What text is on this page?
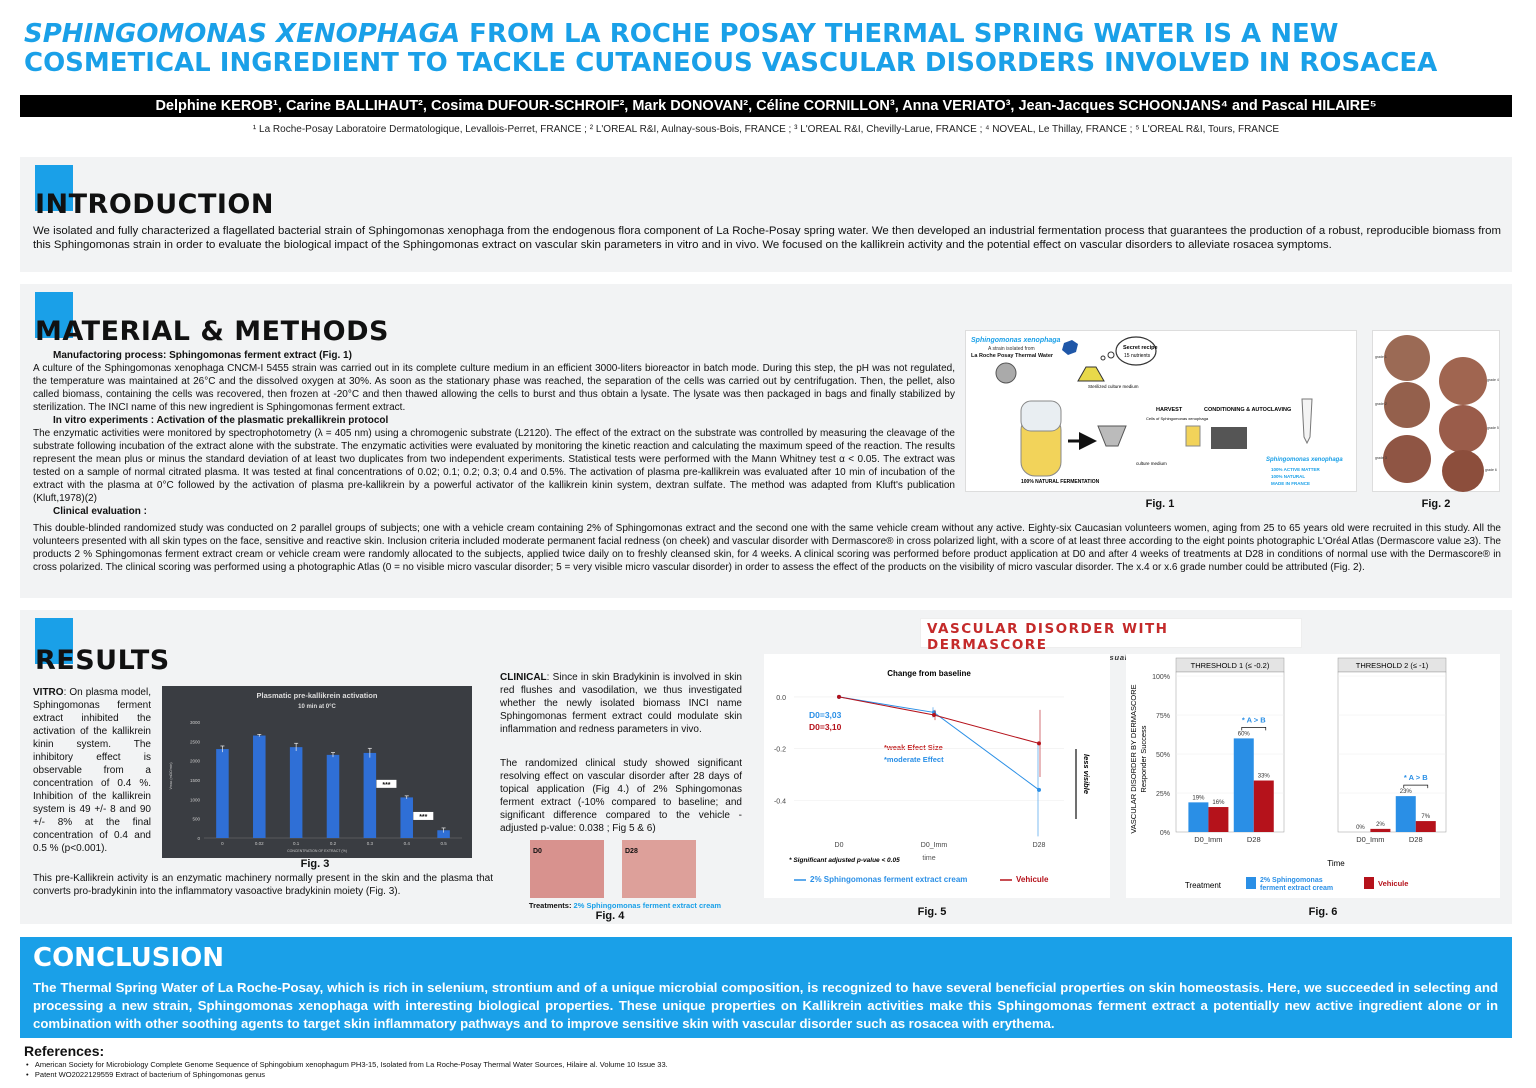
SPHINGOMONAS XENOPHAGA FROM LA ROCHE POSAY THERMAL SPRING WATER IS A NEW COSMETICAL INGREDIENT TO TACKLE CUTANEOUS VASCULAR DISORDERS INVOLVED IN ROSACEA
Delphine KEROB¹, Carine BALLIHAUT², Cosima DUFOUR-SCHROIF², Mark DONOVAN², Céline CORNILLON³, Anna VERIATO³, Jean-Jacques SCHOONJANS⁴ and Pascal HILAIRE⁵
¹ La Roche-Posay Laboratoire Dermatologique, Levallois-Perret, FRANCE ; ² L'OREAL R&I, Aulnay-sous-Bois, FRANCE ; ³ L'OREAL R&I, Chevilly-Larue, FRANCE ; ⁴ NOVEAL, Le Thillay, FRANCE ; ⁵ L'OREAL R&I, Tours, FRANCE
INTRODUCTION
We isolated and fully characterized a flagellated bacterial strain of Sphingomonas xenophaga from the endogenous flora component of La Roche-Posay spring water. We then developed an industrial fermentation process that guarantees the production of a robust, reproducible biomass from this Sphingomonas strain in order to evaluate the biological impact of the Sphingomonas extract on vascular skin parameters in vitro and in vivo. We focused on the kallikrein activity and the potential effect on vascular disorders to alleviate rosacea symptoms.
MATERIAL & METHODS
Manufactoring process: Sphingomonas ferment extract (Fig. 1)
A culture of the Sphingomonas xenophaga CNCM-I 5455 strain was carried out in its complete culture medium in an efficient 3000-liters bioreactor in batch mode. During this step, the pH was not regulated, the temperature was maintained at 26°C and the dissolved oxygen at 30%. As soon as the stationary phase was reached, the separation of the cells was carried out by centrifugation. Then, the pellet, also called biomass, containing the cells was recovered, then frozen at -20°C and then thawed allowing the cells to burst and thus obtain a lysate. The lysate was then packaged in bags and finally stabilized by sterilization. The INCI name of this new ingredient is Sphingomonas ferment extract.
In vitro experiments : Activation of the plasmatic prekallikrein protocol
The enzymatic activities were monitored by spectrophotometry (λ = 405 nm) using a chromogenic substrate (L2120). The effect of the extract on the substrate was controlled by measuring the cleavage of the substrate following incubation of the extract alone with the substrate. The enzymatic activities were evaluated by monitoring the kinetic reaction and calculating the maximum speed of the reaction. The results represent the mean plus or minus the standard deviation of at least two duplicates from two independent experiments. Statistical tests were performed with the Mann Whitney test α < 0.05. The extract was tested on a sample of normal citrated plasma. It was tested at final concentrations of 0.02; 0.1; 0.2; 0.3; 0.4 and 0.5%. The activation of plasma pre-kallikrein was evaluated after 10 min of incubation of the extract with the plasma at 0°C followed by the activation of plasma pre-kallikrein by a powerful activator of the kallikrein kinin system, dextran sulfate. The method was adapted from Kluft's publication (Kluft,1978)(2)
Clinical evaluation :
This double-blinded randomized study was conducted on 2 parallel groups of subjects; one with a vehicle cream containing 2% of Sphingomonas extract and the second one with the same vehicle cream without any active. Eighty-six Caucasian volunteers women, aging from 25 to 65 years old were recruited in this study. All the volunteers presented with all skin types on the face, sensitive and reactive skin. Inclusion criteria included moderate permanent facial redness (on cheek) and vascular disorder with Dermascore® in cross polarized light, with a score of at least three according to the eight points photographic L'Oréal Atlas (Dermascore value ≥3). The products 2 % Sphingomonas ferment extract cream or vehicle cream were randomly allocated to the subjects, applied twice daily on to freshly cleansed skin, for 4 weeks. A clinical scoring was performed before product application at D0 and after 4 weeks of treatments at D28 in conditions of normal use with the Dermascore® in cross polarized. The clinical scoring was performed using a photographic Atlas (0 = no visible micro vascular disorder; 5 = very visible micro vascular disorder) in order to assess the effect of the products on the visibility of micro vascular disorder. The x.4 or x.6 grade number could be attributed (Fig. 2).
Sphingomonas xenophaga
A strain isolated from
La Roche Posay Thermal Water
Secret recipe
15 nutrients
Sterilized culture medium
100% NATURAL FERMENTATION
culture medium
HARVEST
Cells of Sphingomonas xenophaga
CONDITIONING & AUTOCLAVING
Sphingomonas xenophaga
100% ACTIVE MATTER
100% NATURAL
MADE IN FRANCE
Fig. 1
grade 1
grade 2
grade 3
grade 4
grade 5
grade 6
Fig. 2
RESULTS
VITRO: On plasma model, Sphingomonas ferment extract inhibited the activation of the kallikrein kinin system. The inhibitory effect is observable from a concentration of 0.4 %. Inhibition of the kallikrein system is 49 +/- 8 and 90 +/- 8% at the final concentration of 0.4 and 0.5 % (p<0.001).
This pre-Kallikrein activity is an enzymatic machinery normally present in the skin and the plasma that converts pro-bradykinin into the inflammatory vasoactive bradykinin moiety (Fig. 3).
Plasmatic pre-kallikrein activation
10 min at 0°C
CONCENTRATION OF EXTRACT (%)
Vmax (mDO/min)
0
500
1000
1500
2000
2500
3000
0	0.02	0.1	0.2	0.3	0.4	0.5
***
***
Fig. 3
CLINICAL: Since in skin Bradykinin is involved in skin red flushes and vasodilation, we thus investigated whether the newly isolated biomass INCI name Sphingomonas ferment extract could modulate skin inflammation and redness parameters in vivo.
The randomized clinical study showed significant resolving effect on vascular disorder after 28 days of topical application (Fig 4.) of 2% Sphingomonas ferment extract (-10% compared to baseline; and significant difference compared to the vehicle - adjusted p-value: 0.038 ; Fig 5 & 6)
D0	D28
Treatments: 2% Sphingomonas ferment extract cream
Fig. 4
VASCULAR DISORDER WITH DERMASCORE
Visual
Change from baseline
time
D0=3,03
D0=3,10
*weak Efect Size
*moderate Effect	less visible
* Significant adjusted p-value < 0.05
0.0
-0.2
-0.4
D0	D0_Imm	D28
2% Sphingomonas ferment extract cream	Vehicule
Fig. 5
VASCULAR DISORDER BY DERMASCORE Responder Success
Time
Treatment
2% Sphingomonas
ferment extract cream
Vehicule
0%
25%
50%
75%
100%
THRESHOLD 1 (≤ -0.2)
D0_Imm
19%
16%
D28
60%
33%
* A > B
THRESHOLD 2 (≤ -1)
D0_Imm
0%
2%
D28
23%
7%
* A > B
Fig. 6
CONCLUSION
The Thermal Spring Water of La Roche-Posay, which is rich in selenium, strontium and of a unique microbial composition, is recognized to have several beneficial properties on skin homeostasis. Here, we succeeded in selecting and processing a new strain, Sphingomonas xenophaga with interesting biological properties. These unique properties on Kallikrein activities make this Sphingomonas ferment extract a potentially new active ingredient alone or in combination with other soothing agents to target skin inflammatory pathways and to improve sensitive skin with vascular disorder such as rosacea with erythema.
References:
•   American Society for Microbiology Complete Genome Sequence of Sphingobium xenophagum PH3-15, Isolated from La Roche-Posay Thermal Water Sources, Hilaire al. Volume 10 Issue 33.
•   Patent WO2022129559 Extract of bacterium of Sphingomonas genus
